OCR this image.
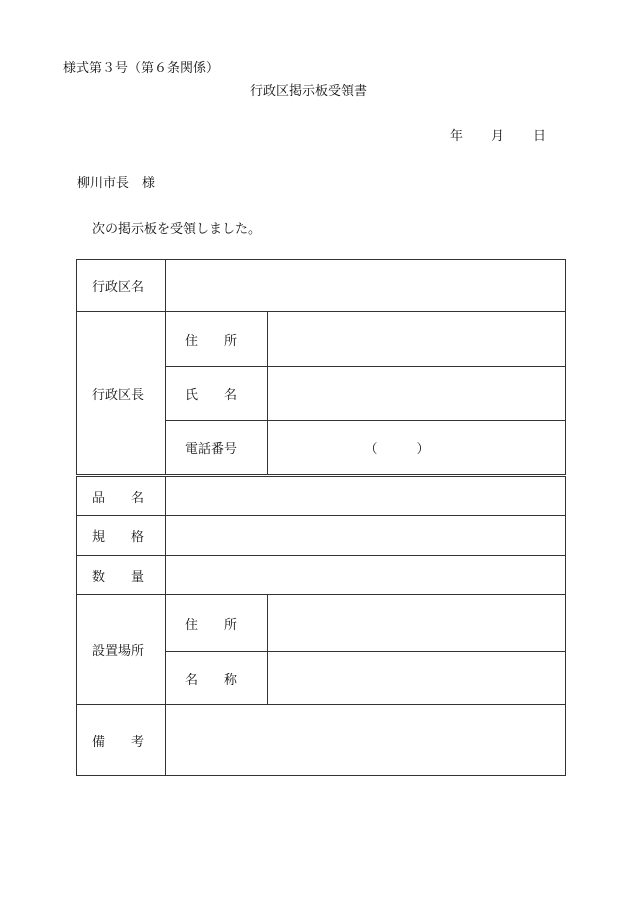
様式第３号（第６条関係）
行政区掲示板受領書
年 月 日
柳川市長　様
次の掲示板を受領しました。
行政区名		
行政区長	住　　所	
	氏　　名	
	電話番号	（ ）
品　　名		
規　　格		
数　　量		
設置場所	住　　所	
	名　　称	
備　　考		
